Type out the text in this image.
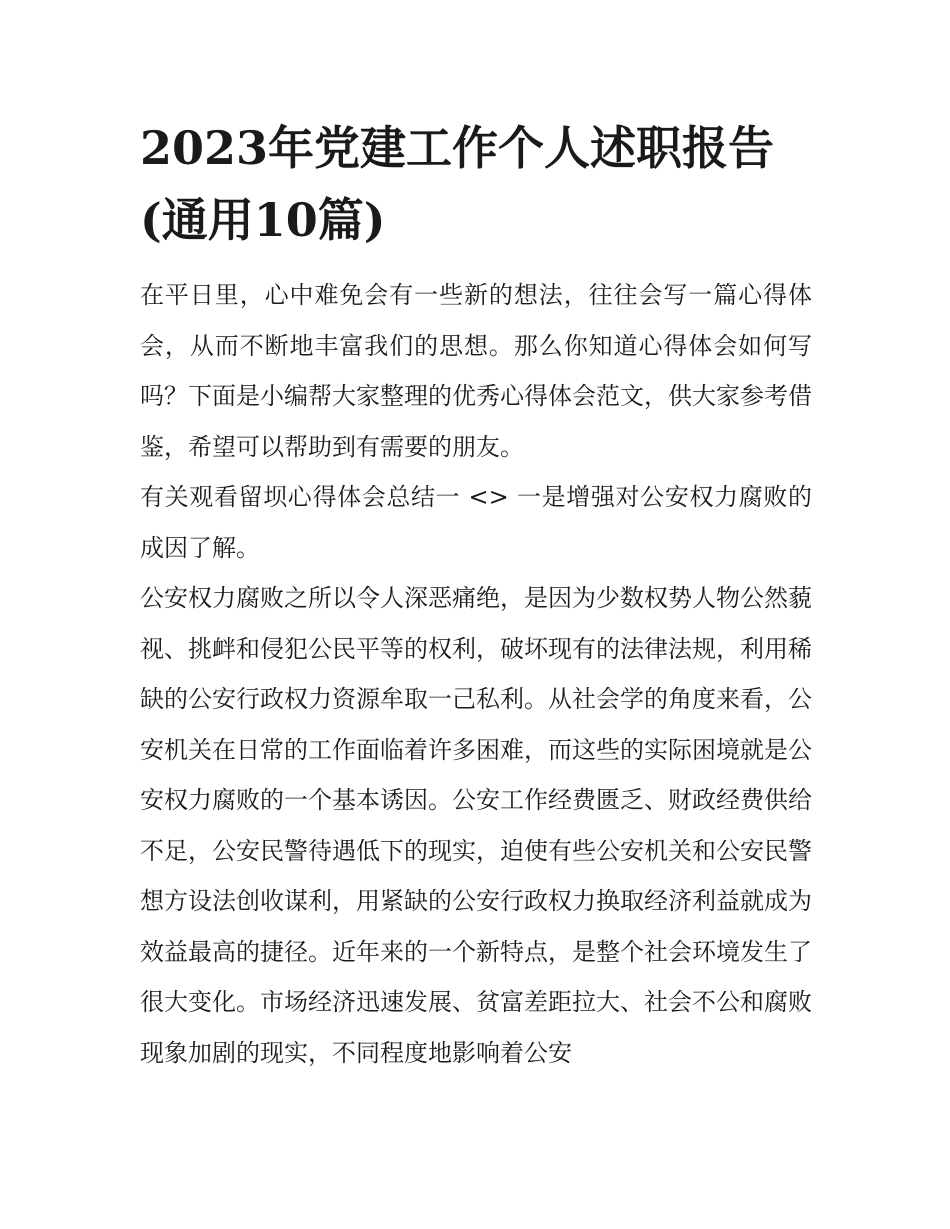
2023年党建工作个人述职报告
(通用10篇)

在平日里，心中难免会有一些新的想法，往往会写一篇心得体会，从而不断地丰富我们的思想。那么你知道心得体会如何写吗？下面是小编帮大家整理的优秀心得体会范文，供大家参考借鉴，希望可以帮助到有需要的朋友。

有关观看留坝心得体会总结一 <> 一是增强对公安权力腐败的成因了解。

公安权力腐败之所以令人深恶痛绝，是因为少数权势人物公然藐视、挑衅和侵犯公民平等的权利，破坏现有的法律法规，利用稀缺的公安行政权力资源牟取一己私利。从社会学的角度来看，公安机关在日常的工作面临着许多困难，而这些的实际困境就是公安权力腐败的一个基本诱因。公安工作经费匮乏、财政经费供给不足，公安民警待遇低下的现实，迫使有些公安机关和公安民警想方设法创收谋利，用紧缺的公安行政权力换取经济利益就成为效益最高的捷径。近年来的一个新特点，是整个社会环境发生了很大变化。市场经济迅速发展、贫富差距拉大、社会不公和腐败现象加剧的现实，不同程度地影响着公安
